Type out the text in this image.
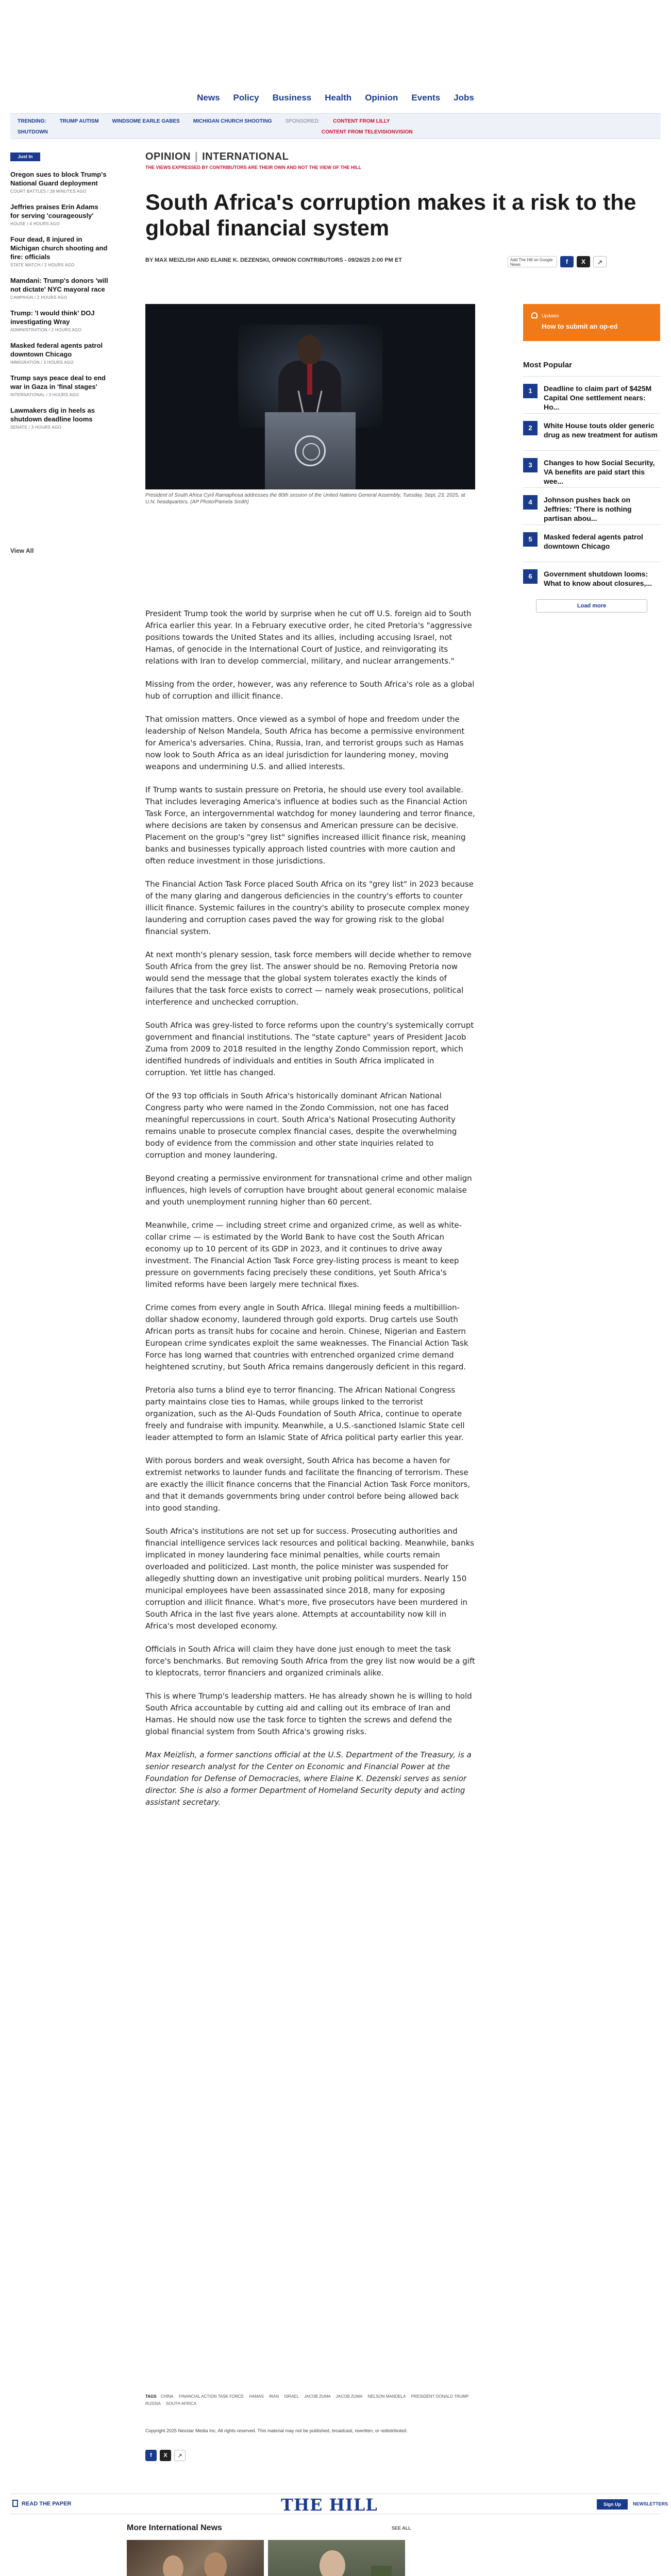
News Policy Business Health Opinion Events Jobs
TRENDING:	TRUMP AUTISM	WINDSOME EARLE GABES	MICHIGAN CHURCH SHOOTING	SPONSORED:	CONTENT FROM LILLY
SHUTDOWN	CONTENT FROM TELEVISIONVISION
Just In
Oregon sues to block Trump's National Guard deployment
COURT BATTLES / 28 MINUTES AGO
Jeffries praises Erin Adams for serving 'courageously'
HOUSE / 4 HOURS AGO
Four dead, 8 injured in Michigan church shooting and fire: officials
STATE WATCH / 2 HOURS AGO
Mamdani: Trump's donors 'will not dictate' NYC mayoral race
CAMPAIGN / 2 HOURS AGO
Trump: 'I would think' DOJ investigating Wray
ADMINISTRATION / 2 HOURS AGO
Masked federal agents patrol downtown Chicago
IMMIGRATION / 3 HOURS AGO
Trump says peace deal to end war in Gaza in 'final stages'
INTERNATIONAL / 3 HOURS AGO
Lawmakers dig in heels as shutdown deadline looms
SENATE / 3 HOURS AGO
View All
OPINION | INTERNATIONAL
THE VIEWS EXPRESSED BY CONTRIBUTORS ARE THEIR OWN AND NOT THE VIEW OF THE HILL
South Africa's corruption makes it a risk to the global financial system
BY MAX MEIZLISH AND ELAINE K. DEZENSKI, OPINION CONTRIBUTORS - 09/26/25 2:00 PM ET	Add The Hill on Google News	f	X	↗
President of South Africa Cyril Ramaphosa addresses the 80th session of the United Nations General Assembly, Tuesday, Sept. 23, 2025, at U.N. headquarters. (AP Photo/Pamela Smith)
Updates
How to submit an op-ed
Most Popular
1	Deadline to claim part of $425M Capital One settlement nears: Ho...
2	White House touts older generic drug as new treatment for autism
3	Changes to how Social Security, VA benefits are paid start this wee...
4	Johnson pushes back on Jeffries: 'There is nothing partisan abou...
5	Masked federal agents patrol downtown Chicago
6	Government shutdown looms: What to know about closures,...
Load more

President Trump took the world by surprise when he cut off U.S. foreign aid to South Africa earlier this year. In a February executive order, he cited Pretoria's "aggressive positions towards the United States and its allies, including accusing Israel, not Hamas, of genocide in the International Court of Justice, and reinvigorating its relations with Iran to develop commercial, military, and nuclear arrangements."

Missing from the order, however, was any reference to South Africa's role as a global hub of corruption and illicit finance.

That omission matters. Once viewed as a symbol of hope and freedom under the leadership of Nelson Mandela, South Africa has become a permissive environment for America's adversaries. China, Russia, Iran, and terrorist groups such as Hamas now look to South Africa as an ideal jurisdiction for laundering money, moving weapons and undermining U.S. and allied interests.

If Trump wants to sustain pressure on Pretoria, he should use every tool available. That includes leveraging America's influence at bodies such as the Financial Action Task Force, an intergovernmental watchdog for money laundering and terror finance, where decisions are taken by consensus and American pressure can be decisive. Placement on the group's "grey list" signifies increased illicit finance risk, meaning banks and businesses typically approach listed countries with more caution and often reduce investment in those jurisdictions.

The Financial Action Task Force placed South Africa on its "grey list" in 2023 because of the many glaring and dangerous deficiencies in the country's efforts to counter illicit finance. Systemic failures in the country's ability to prosecute complex money laundering and corruption cases paved the way for growing risk to the global financial system.

At next month's plenary session, task force members will decide whether to remove South Africa from the grey list. The answer should be no. Removing Pretoria now would send the message that the global system tolerates exactly the kinds of failures that the task force exists to correct — namely weak prosecutions, political interference and unchecked corruption.

South Africa was grey-listed to force reforms upon the country's systemically corrupt government and financial institutions. The "state capture" years of President Jacob Zuma from 2009 to 2018 resulted in the lengthy Zondo Commission report, which identified hundreds of individuals and entities in South Africa implicated in corruption. Yet little has changed.

Of the 93 top officials in South Africa's historically dominant African National Congress party who were named in the Zondo Commission, not one has faced meaningful repercussions in court. South Africa's National Prosecuting Authority remains unable to prosecute complex financial cases, despite the overwhelming body of evidence from the commission and other state inquiries related to corruption and money laundering.

Beyond creating a permissive environment for transnational crime and other malign influences, high levels of corruption have brought about general economic malaise and youth unemployment running higher than 60 percent.

Meanwhile, crime — including street crime and organized crime, as well as white-collar crime — is estimated by the World Bank to have cost the South African economy up to 10 percent of its GDP in 2023, and it continues to drive away investment. The Financial Action Task Force grey-listing process is meant to keep pressure on governments facing precisely these conditions, yet South Africa's limited reforms have been largely mere technical fixes.

Crime comes from every angle in South Africa. Illegal mining feeds a multibillion-dollar shadow economy, laundered through gold exports. Drug cartels use South African ports as transit hubs for cocaine and heroin. Chinese, Nigerian and Eastern European crime syndicates exploit the same weaknesses. The Financial Action Task Force has long warned that countries with entrenched organized crime demand heightened scrutiny, but South Africa remains dangerously deficient in this regard.

Pretoria also turns a blind eye to terror financing. The African National Congress party maintains close ties to Hamas, while groups linked to the terrorist organization, such as the Al-Quds Foundation of South Africa, continue to operate freely and fundraise with impunity. Meanwhile, a U.S.-sanctioned Islamic State cell leader attempted to form an Islamic State of Africa political party earlier this year.

With porous borders and weak oversight, South Africa has become a haven for extremist networks to launder funds and facilitate the financing of terrorism. These are exactly the illicit finance concerns that the Financial Action Task Force monitors, and that it demands governments bring under control before being allowed back into good standing.

South Africa's institutions are not set up for success. Prosecuting authorities and financial intelligence services lack resources and political backing. Meanwhile, banks implicated in money laundering face minimal penalties, while courts remain overloaded and politicized. Last month, the police minister was suspended for allegedly shutting down an investigative unit probing political murders. Nearly 150 municipal employees have been assassinated since 2018, many for exposing corruption and illicit finance. What's more, five prosecutors have been murdered in South Africa in the last five years alone. Attempts at accountability now kill in Africa's most developed economy.

Officials in South Africa will claim they have done just enough to meet the task force's benchmarks. But removing South Africa from the grey list now would be a gift to kleptocrats, terror financiers and organized criminals alike.

This is where Trump's leadership matters. He has already shown he is willing to hold South Africa accountable by cutting aid and calling out its embrace of Iran and Hamas. He should now use the task force to tighten the screws and defend the global financial system from South Africa's growing risks.

Max Meizlish, a former sanctions official at the U.S. Department of the Treasury, is a senior research analyst for the Center on Economic and Financial Power at the Foundation for Defense of Democracies, where Elaine K. Dezenski serves as senior director. She is also a former Department of Homeland Security deputy and acting assistant secretary.

TAGS CHINA FINANCIAL ACTION TASK FORCE HAMAS IRAN ISRAEL JACOB ZUMA JACOB ZUMA NELSON MANDELA PRESIDENT DONALD TRUMP RUSSIA SOUTH AFRICA
Copyright 2025 Nexstar Media Inc. All rights reserved. This material may not be published, broadcast, rewritten, or redistributed.
f	X	↗
READ THE PAPER	THE HILL	Sign Up	NEWSLETTERS
More International News	SEE ALL
